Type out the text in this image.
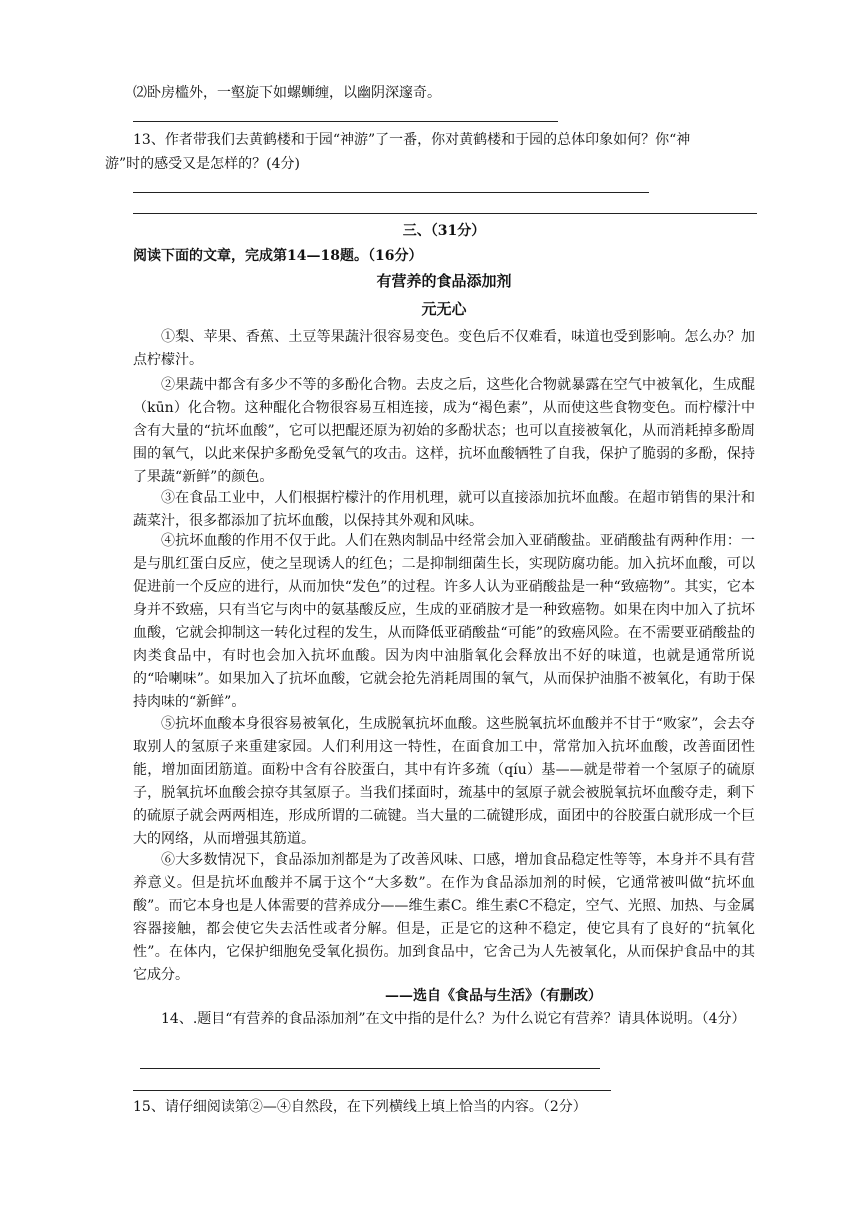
⑵卧房槛外，一壑旋下如螺蛳缠，以幽阴深邃奇。
13、作者带我们去黄鹤楼和于园“神游”了一番，你对黄鹤楼和于园的总体印象如何？你“神
游”时的感受又是怎样的？(4分)
三、（31分）
阅读下面的文章，完成第14—18题。（16分）
有营养的食品添加剂
元无心

①梨、苹果、香蕉、土豆等果蔬汁很容易变色。变色后不仅难看，味道也受到影响。怎么办？加点柠檬汁。

②果蔬中都含有多少不等的多酚化合物。去皮之后，这些化合物就暴露在空气中被氧化，生成醌（kūn）化合物。这种醌化合物很容易互相连接，成为“褐色素”，从而使这些食物变色。而柠檬汁中含有大量的“抗坏血酸”，它可以把醌还原为初始的多酚状态；也可以直接被氧化，从而消耗掉多酚周围的氧气，以此来保护多酚免受氧气的攻击。这样，抗坏血酸牺牲了自我，保护了脆弱的多酚，保持了果蔬“新鲜”的颜色。

③在食品工业中，人们根据柠檬汁的作用机理，就可以直接添加抗坏血酸。在超市销售的果汁和蔬菜汁，很多都添加了抗坏血酸，以保持其外观和风味。

④抗坏血酸的作用不仅于此。人们在熟肉制品中经常会加入亚硝酸盐。亚硝酸盐有两种作用：一是与肌红蛋白反应，使之呈现诱人的红色；二是抑制细菌生长，实现防腐功能。加入抗坏血酸，可以促进前一个反应的进行，从而加快“发色”的过程。许多人认为亚硝酸盐是一种“致癌物”。其实，它本身并不致癌，只有当它与肉中的氨基酸反应，生成的亚硝胺才是一种致癌物。如果在肉中加入了抗坏血酸，它就会抑制这一转化过程的发生，从而降低亚硝酸盐“可能”的致癌风险。在不需要亚硝酸盐的肉类食品中，有时也会加入抗坏血酸。因为肉中油脂氧化会释放出不好的味道，也就是通常所说的“哈喇味”。如果加入了抗坏血酸，它就会抢先消耗周围的氧气，从而保护油脂不被氧化，有助于保持肉味的“新鲜”。

⑤抗坏血酸本身很容易被氧化，生成脱氧抗坏血酸。这些脱氧抗坏血酸并不甘于“败家”，会去夺取别人的氢原子来重建家园。人们利用这一特性，在面食加工中，常常加入抗坏血酸，改善面团性能，增加面团筋道。面粉中含有谷胶蛋白，其中有许多巯（qíu）基——就是带着一个氢原子的硫原子，脱氧抗坏血酸会掠夺其氢原子。当我们揉面时，巯基中的氢原子就会被脱氧抗坏血酸夺走，剩下的硫原子就会两两相连，形成所谓的二硫键。当大量的二硫键形成，面团中的谷胶蛋白就形成一个巨大的网络，从而增强其筋道。

⑥大多数情况下，食品添加剂都是为了改善风味、口感，增加食品稳定性等等，本身并不具有营养意义。但是抗坏血酸并不属于这个“大多数”。在作为食品添加剂的时候，它通常被叫做“抗坏血酸”。而它本身也是人体需要的营养成分——维生素C。维生素C不稳定，空气、光照、加热、与金属容器接触，都会使它失去活性或者分解。但是，正是它的这种不稳定，使它具有了良好的“抗氧化性”。在体内，它保护细胞免受氧化损伤。加到食品中，它舍己为人先被氧化，从而保护食品中的其它成分。

——选自《食品与生活》（有删改）

14、.题目“有营养的食品添加剂”在文中指的是什么？为什么说它有营养？请具体说明。（4分）

15、请仔细阅读第②—④自然段，在下列横线上填上恰当的内容。（2分）
